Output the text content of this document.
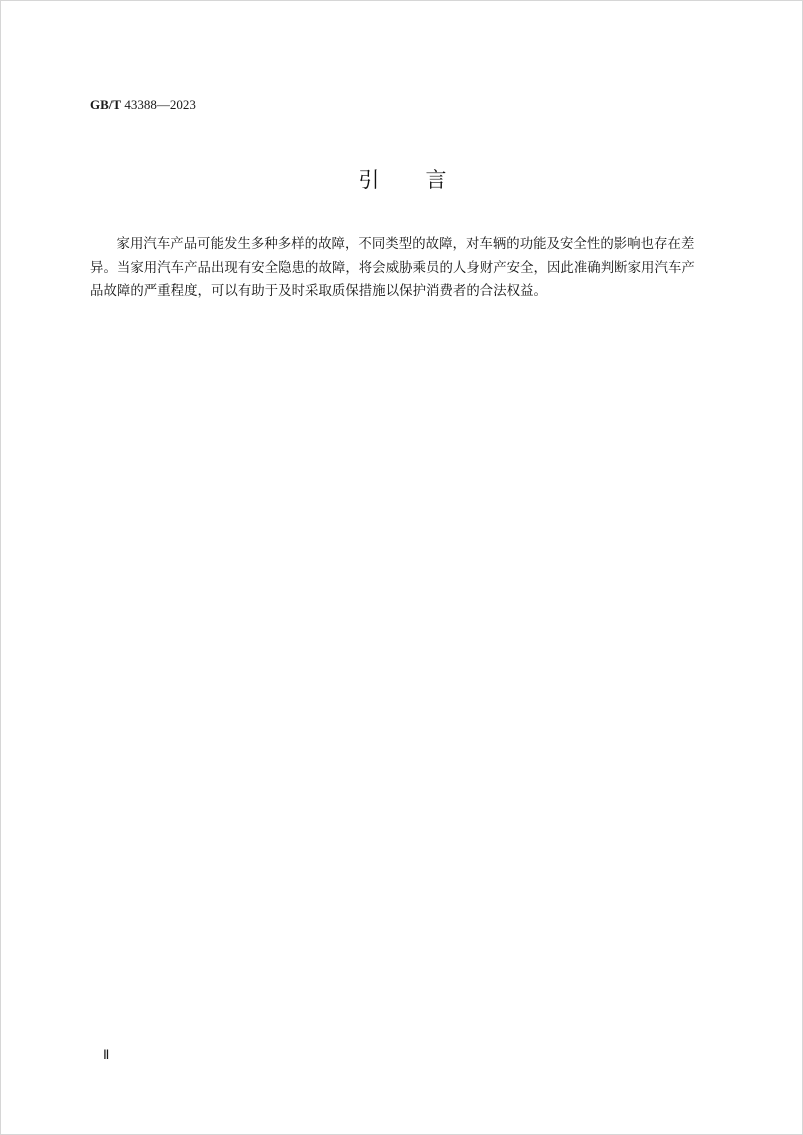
GB/T 43388—2023
引 言
家用汽车产品可能发生多种多样的故障，不同类型的故障，对车辆的功能及安全性的影响也存在差
异。当家用汽车产品出现有安全隐患的故障，将会威胁乘员的人身财产安全，因此准确判断家用汽车产
品故障的严重程度，可以有助于及时采取质保措施以保护消费者的合法权益。
Ⅱ
